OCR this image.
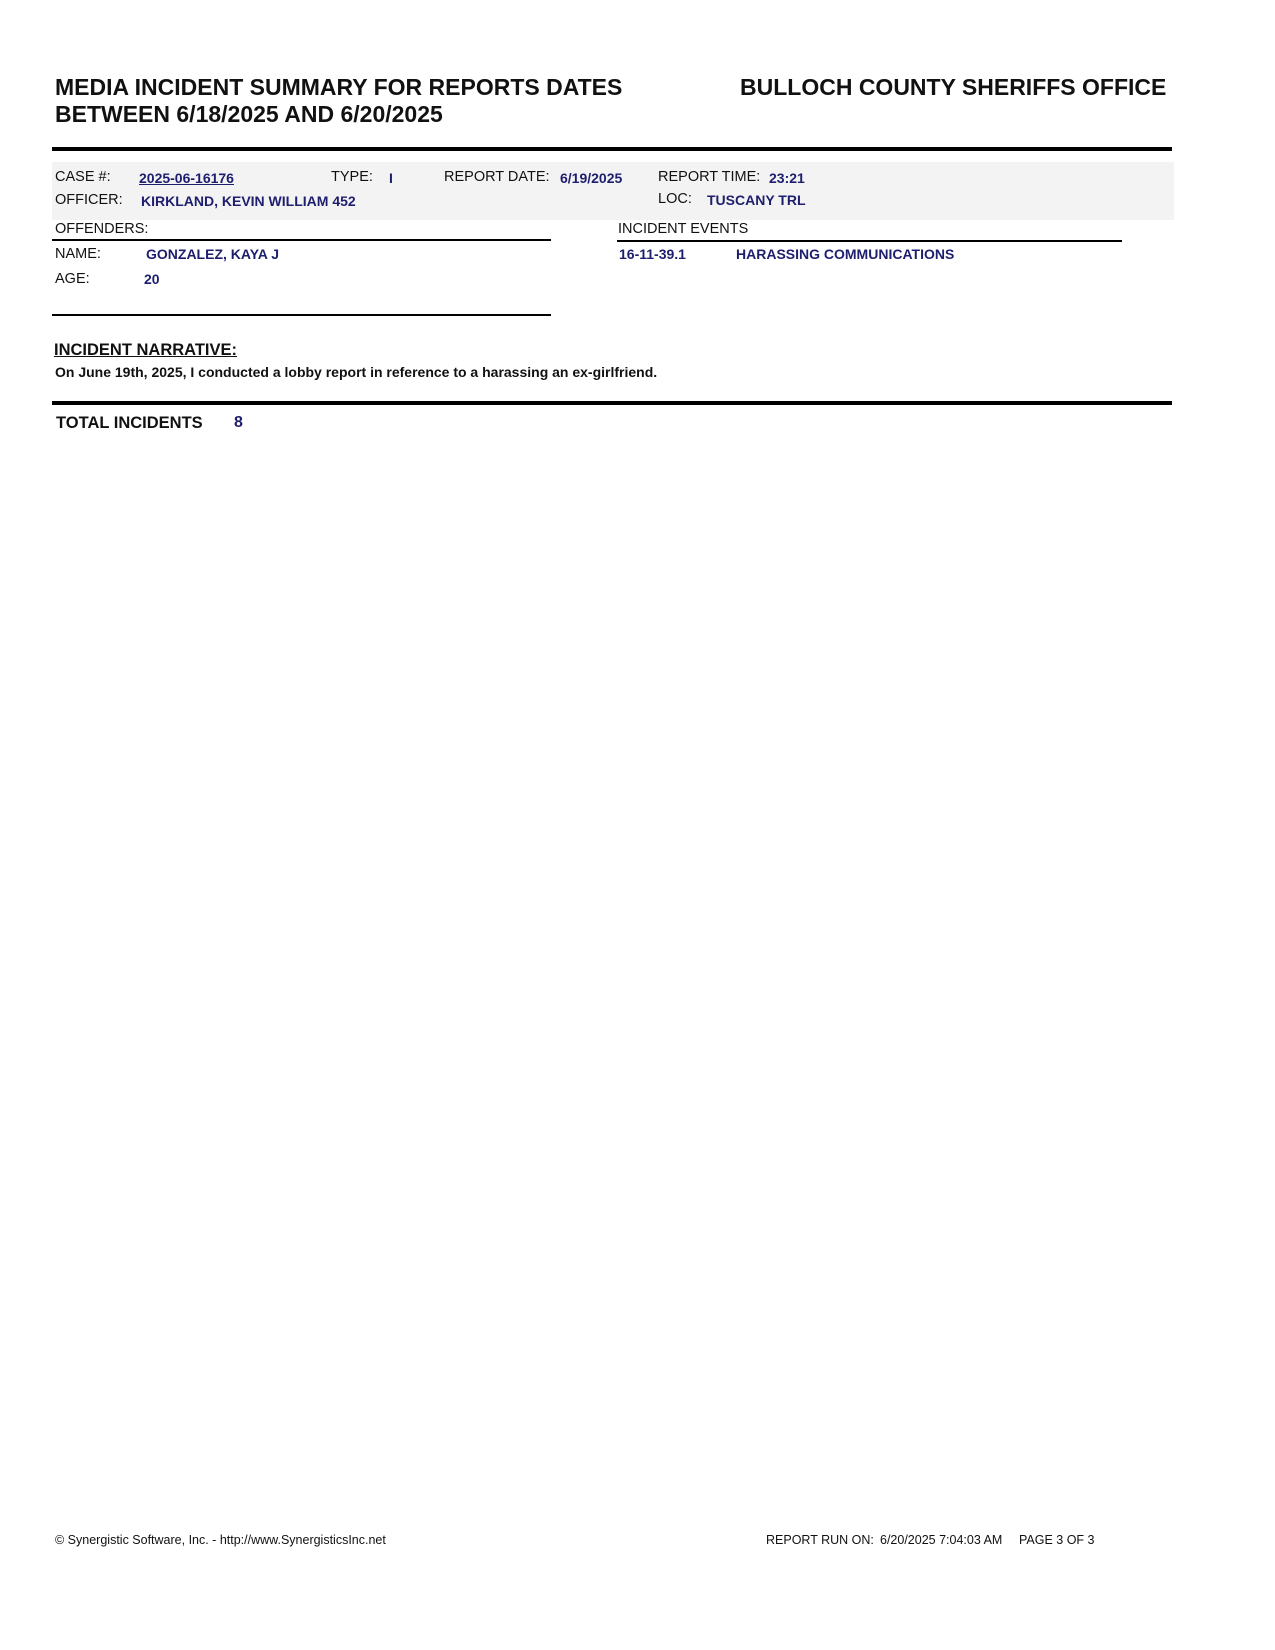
MEDIA INCIDENT SUMMARY FOR REPORTS DATES
BETWEEN 6/18/2025 AND 6/20/2025
BULLOCH COUNTY SHERIFFS OFFICE
CASE #: 2025-06-16176	TYPE: I	REPORT DATE: 6/19/2025 REPORT TIME: 23:21
OFFICER: KIRKLAND, KEVIN WILLIAM 452	LOC: TUSCANY TRL
OFFENDERS:
NAME:	GONZALEZ, KAYA J
AGE:	20
INCIDENT EVENTS
16-11-39.1	HARASSING COMMUNICATIONS
INCIDENT NARRATIVE:
On June 19th, 2025, I conducted a lobby report in reference to a harassing an ex-girlfriend.
TOTAL INCIDENTS 8
© Synergistic Software, Inc. - http://www.SynergisticsInc.net	REPORT RUN ON: 6/20/2025 7:04:03 AM PAGE 3 OF 3
